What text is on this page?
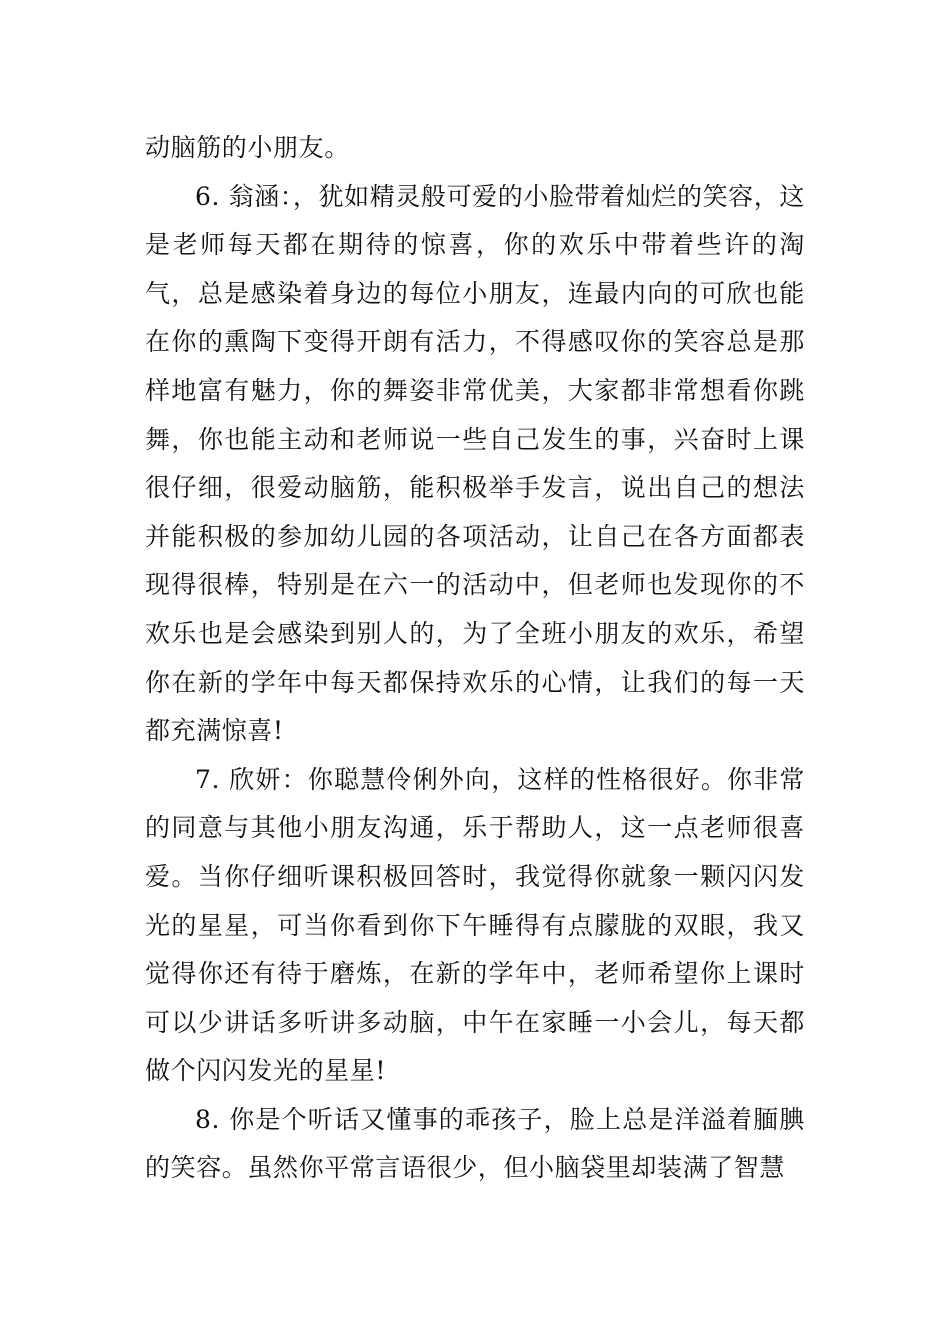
动脑筋的小朋友。

6. 翁涵：，犹如精灵般可爱的小脸带着灿烂的笑容，这是老师每天都在期待的惊喜，你的欢乐中带着些许的淘气，总是感染着身边的每位小朋友，连最内向的可欣也能在你的熏陶下变得开朗有活力，不得感叹你的笑容总是那样地富有魅力，你的舞姿非常优美，大家都非常想看你跳舞，你也能主动和老师说一些自己发生的事，兴奋时上课很仔细，很爱动脑筋，能积极举手发言，说出自己的想法并能积极的参加幼儿园的各项活动，让自己在各方面都表现得很棒，特别是在六一的活动中，但老师也发现你的不欢乐也是会感染到别人的，为了全班小朋友的欢乐，希望你在新的学年中每天都保持欢乐的心情，让我们的每一天都充满惊喜!

7. 欣妍：你聪慧伶俐外向，这样的性格很好。你非常的同意与其他小朋友沟通，乐于帮助人，这一点老师很喜爱。当你仔细听课积极回答时，我觉得你就象一颗闪闪发光的星星，可当你看到你下午睡得有点朦胧的双眼，我又觉得你还有待于磨炼，在新的学年中，老师希望你上课时可以少讲话多听讲多动脑，中午在家睡一小会儿，每天都做个闪闪发光的星星!

8. 你是个听话又懂事的乖孩子，脸上总是洋溢着腼腆的笑容。虽然你平常言语很少，但小脑袋里却装满了智慧
